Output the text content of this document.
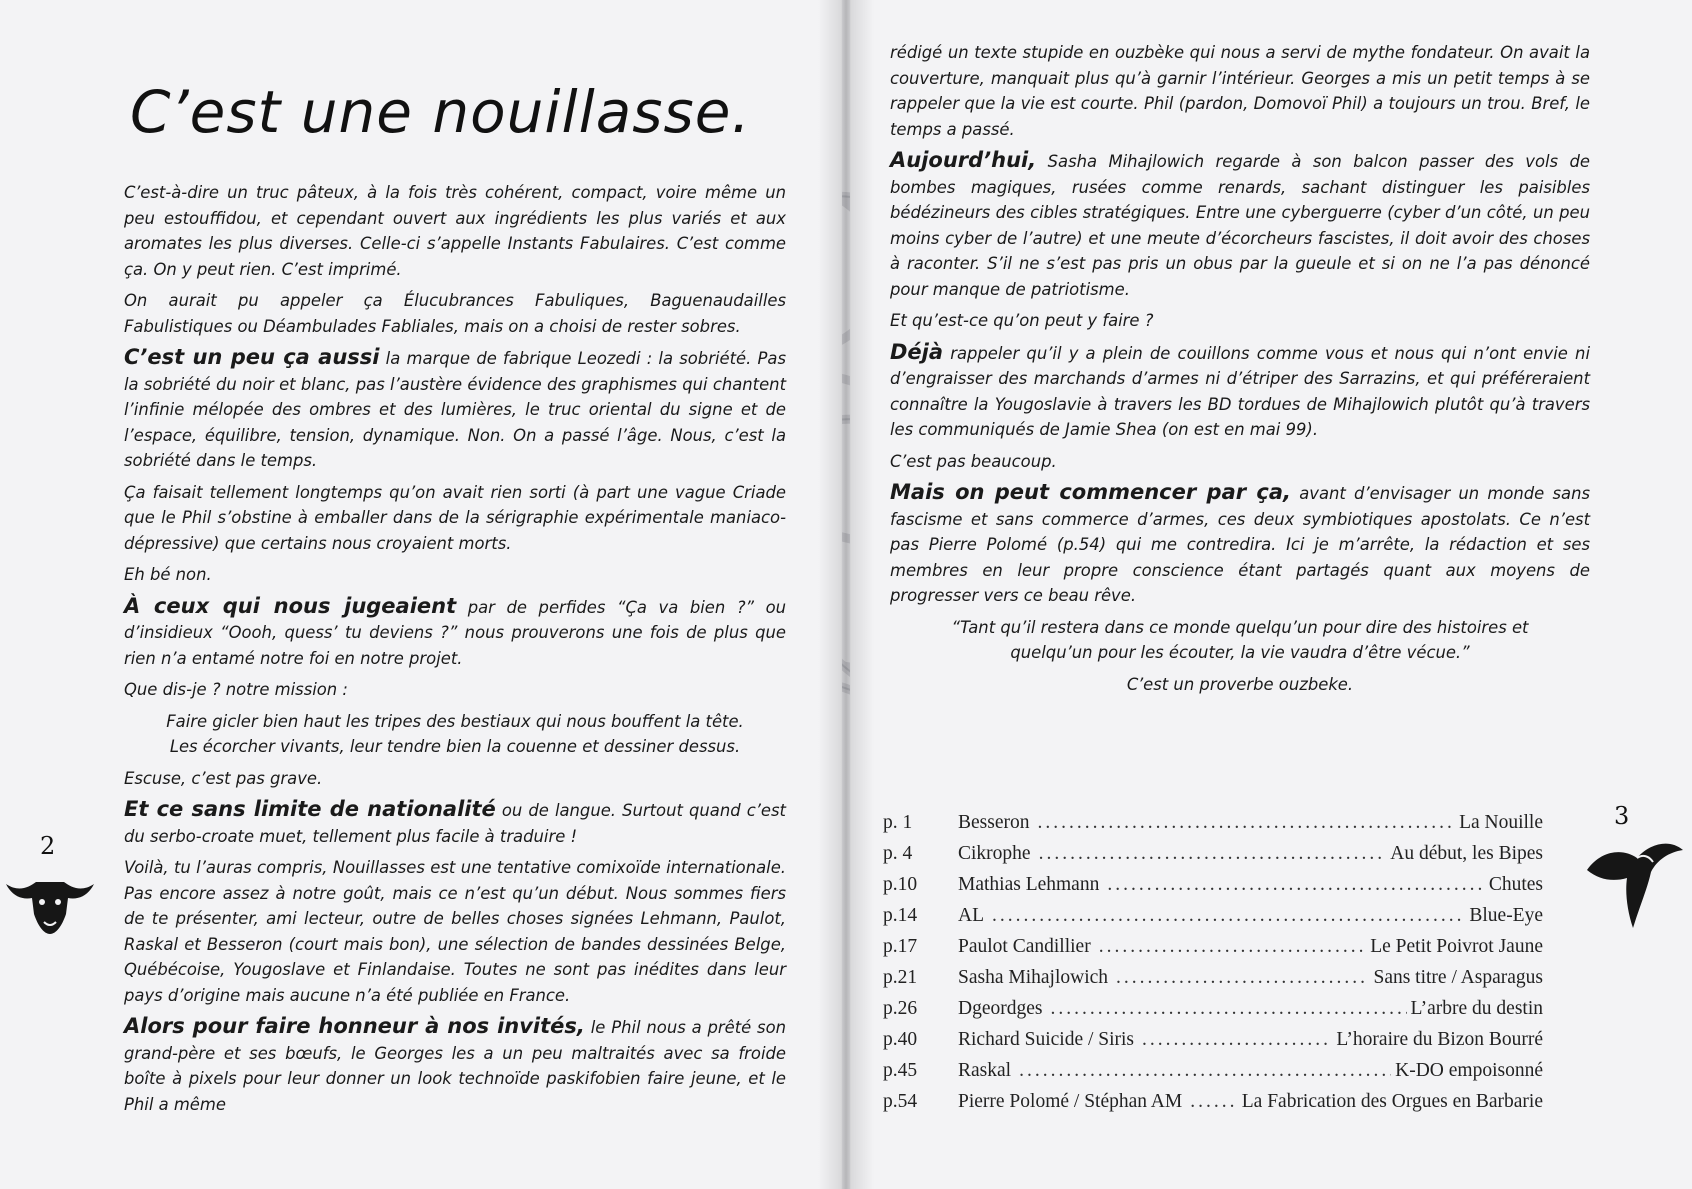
C’est une nouillasse.

C’est-à-dire un truc pâteux, à la fois très cohérent, compact, voire même un peu estouffidou, et cependant ouvert aux ingrédients les plus variés et aux aromates les plus diverses. Celle-ci s’appelle Instants Fabulaires. C’est comme ça. On y peut rien. C’est imprimé.

On aurait pu appeler ça Élucubrances Fabuliques, Baguenaudailles Fabulistiques ou Déambulades Fabliales, mais on a choisi de rester sobres.

C’est un peu ça aussi la marque de fabrique Leozedi : la sobriété. Pas la sobriété du noir et blanc, pas l’austère évidence des graphismes qui chantent l’infinie mélopée des ombres et des lumières, le truc oriental du signe et de l’espace, équilibre, tension, dynamique. Non. On a passé l’âge. Nous, c’est la sobriété dans le temps.

Ça faisait tellement longtemps qu’on avait rien sorti (à part une vague Criade que le Phil s’obstine à emballer dans de la sérigraphie expérimentale maniaco-dépressive) que certains nous croyaient morts.

Eh bé non.

À ceux qui nous jugeaient par de perfides “Ça va bien ?” ou d’insidieux “Oooh, quess’ tu deviens ?” nous prouverons une fois de plus que rien n’a entamé notre foi en notre projet.

Que dis-je ? notre mission :

Faire gicler bien haut les tripes des bestiaux qui nous bouffent la tête. Les écorcher vivants, leur tendre bien la couenne et dessiner dessus.

Escuse, c’est pas grave.

Et ce sans limite de nationalité ou de langue. Surtout quand c’est du serbo-croate muet, tellement plus facile à traduire !

Voilà, tu l’auras compris, Nouillasses est une tentative comixoïde internationale. Pas encore assez à notre goût, mais ce n’est qu’un début. Nous sommes fiers de te présenter, ami lecteur, outre de belles choses signées Lehmann, Paulot, Raskal et Besseron (court mais bon), une sélection de bandes dessinées Belge, Québécoise, Yougoslave et Finlandaise. Toutes ne sont pas inédites dans leur pays d’origine mais aucune n’a été publiée en France.

Alors pour faire honneur à nos invités, le Phil nous a prêté son grand-père et ses bœufs, le Georges les a un peu maltraités avec sa froide boîte à pixels pour leur donner un look technoïde paskifobien faire jeune, et le Phil a même

2

rédigé un texte stupide en ouzbèke qui nous a servi de mythe fondateur. On avait la couverture, manquait plus qu’à garnir l’intérieur. Georges a mis un petit temps à se rappeler que la vie est courte. Phil (pardon, Domovoï Phil) a toujours un trou. Bref, le temps a passé.

Aujourd’hui, Sasha Mihajlowich regarde à son balcon passer des vols de bombes magiques, rusées comme renards, sachant distinguer les paisibles bédézineurs des cibles stratégiques. Entre une cyberguerre (cyber d’un côté, un peu moins cyber de l’autre) et une meute d’écorcheurs fascistes, il doit avoir des choses à raconter. S’il ne s’est pas pris un obus par la gueule et si on ne l’a pas dénoncé pour manque de patriotisme.

Et qu’est-ce qu’on peut y faire ?

Déjà rappeler qu’il y a plein de couillons comme vous et nous qui n’ont envie ni d’engraisser des marchands d’armes ni d’étriper des Sarrazins, et qui préféreraient connaître la Yougoslavie à travers les BD tordues de Mihajlowich plutôt qu’à travers les communiqués de Jamie Shea (on est en mai 99).

C’est pas beaucoup.

Mais on peut commencer par ça, avant d’envisager un monde sans fascisme et sans commerce d’armes, ces deux symbiotiques apostolats. Ce n’est pas Pierre Polomé (p.54) qui me contredira. Ici je m’arrête, la rédaction et ses membres en leur propre conscience étant partagés quant aux moyens de progresser vers ce beau rêve.

“Tant qu’il restera dans ce monde quelqu’un pour dire des histoires et quelqu’un pour les écouter, la vie vaudra d’être vécue.”

C’est un proverbe ouzbeke.

3
p. 1	Besseron .....	La Nouille
p. 4	Cikrophe .....	Au début, les Bipes
p.10	Mathias Lehmann .....	Chutes
p.14	AL .....	Blue-Eye
p.17	Paulot Candillier .....	Le Petit Poivrot Jaune
p.21	Sasha Mihajlowich .....	Sans titre / Asparagus
p.26	Dgeordges .....	L’arbre du destin
p.40	Richard Suicide / Siris .....	L’horaire du Bizon Bourré
p.45	Raskal .....	K-DO empoisonné
p.54	Pierre Polomé / Stéphan AM .....	La Fabrication des Orgues en Barbarie
